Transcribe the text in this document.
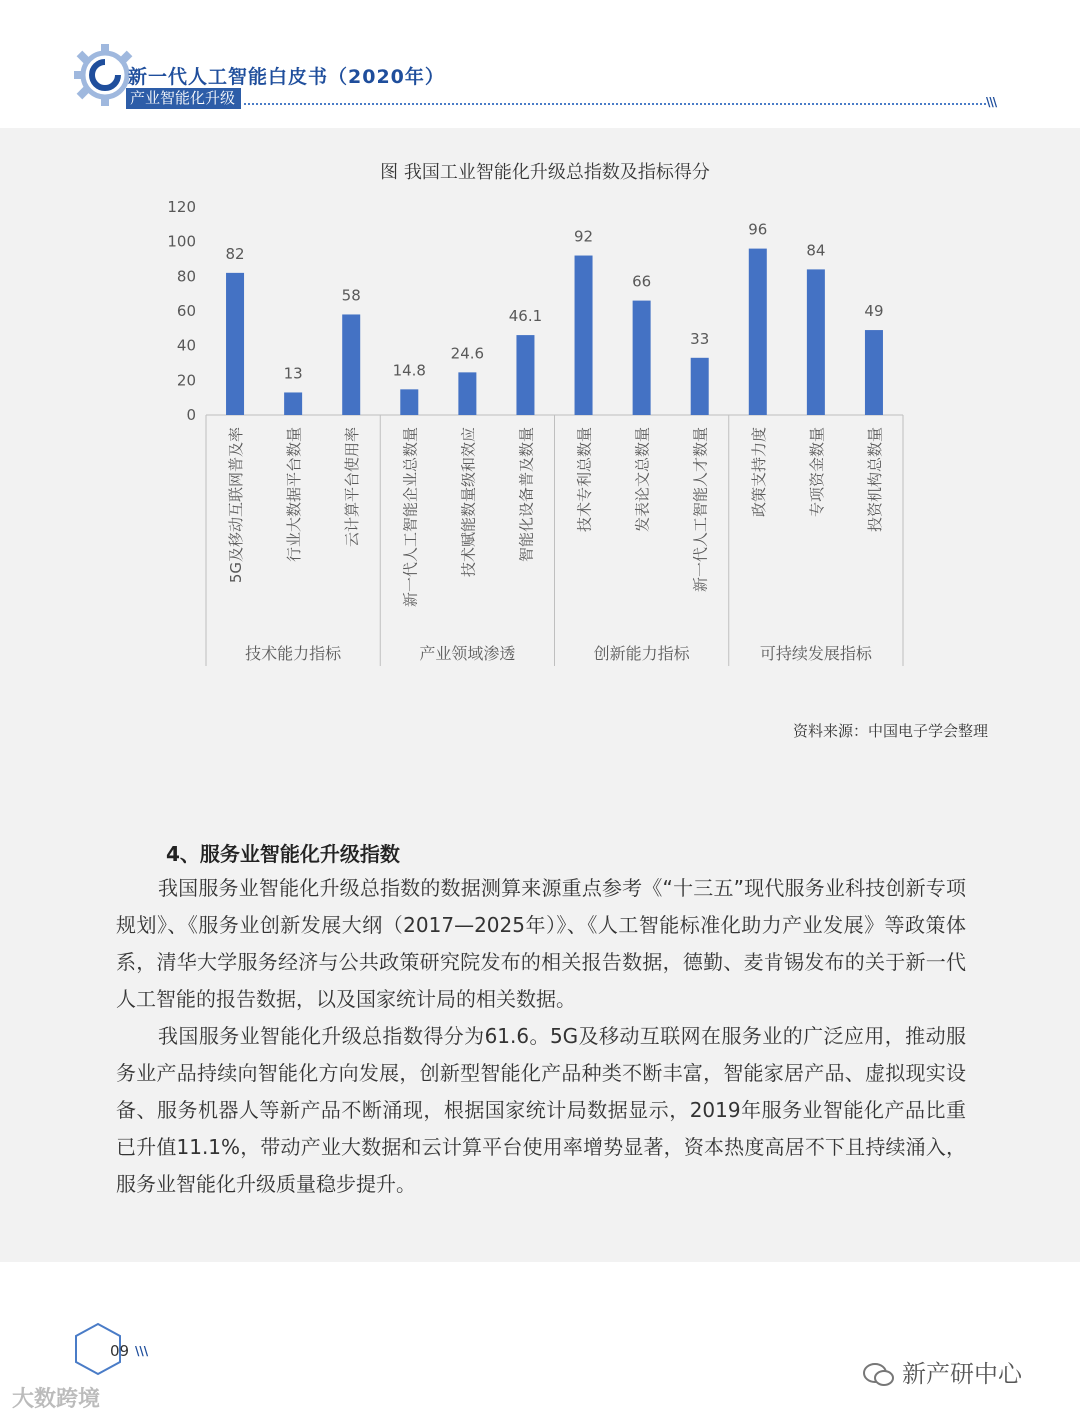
新一代人工智能白皮书（2020年）
产业智能化升级	\\\
图 我国工业智能化升级总指数及指标得分
0
20
40
60
80
100
120
技术能力指标	产业领域渗透	创新能力指标	可持续发展指标
82
5G及移动互联网普及率
13
行业大数据平台数量
58
云计算平台使用率
14.8
新一代人工智能企业总数量
24.6
技术赋能数量级和效应
46.1
智能化设备普及数量
92
技术专利总数量
66
发表论文总数量
33
新一代人工智能人才数量
96
政策支持力度
84
专项资金数量
49
投资机构总数量
资料来源：中国电子学会整理
4、服务业智能化升级指数
我国服务业智能化升级总指数的数据测算来源重点参考《“十三五”现代服务业科技创新专项规划》、《服务业创新发展大纲（2017—2025年）》、《人工智能标准化助力产业发展》等政策体系，清华大学服务经济与公共政策研究院发布的相关报告数据，德勤、麦肯锡发布的关于新一代人工智能的报告数据，以及国家统计局的相关数据。
我国服务业智能化升级总指数得分为61.6。5G及移动互联网在服务业的广泛应用，推动服务业产品持续向智能化方向发展，创新型智能化产品种类不断丰富，智能家居产品、虚拟现实设备、服务机器人等新产品不断涌现，根据国家统计局数据显示，2019年服务业智能化产品比重已升值11.1%，带动产业大数据和云计算平台使用率增势显著，资本热度高居不下且持续涌入，服务业智能化升级质量稳步提升。
09 \\\
新产研中心
大数跨境
